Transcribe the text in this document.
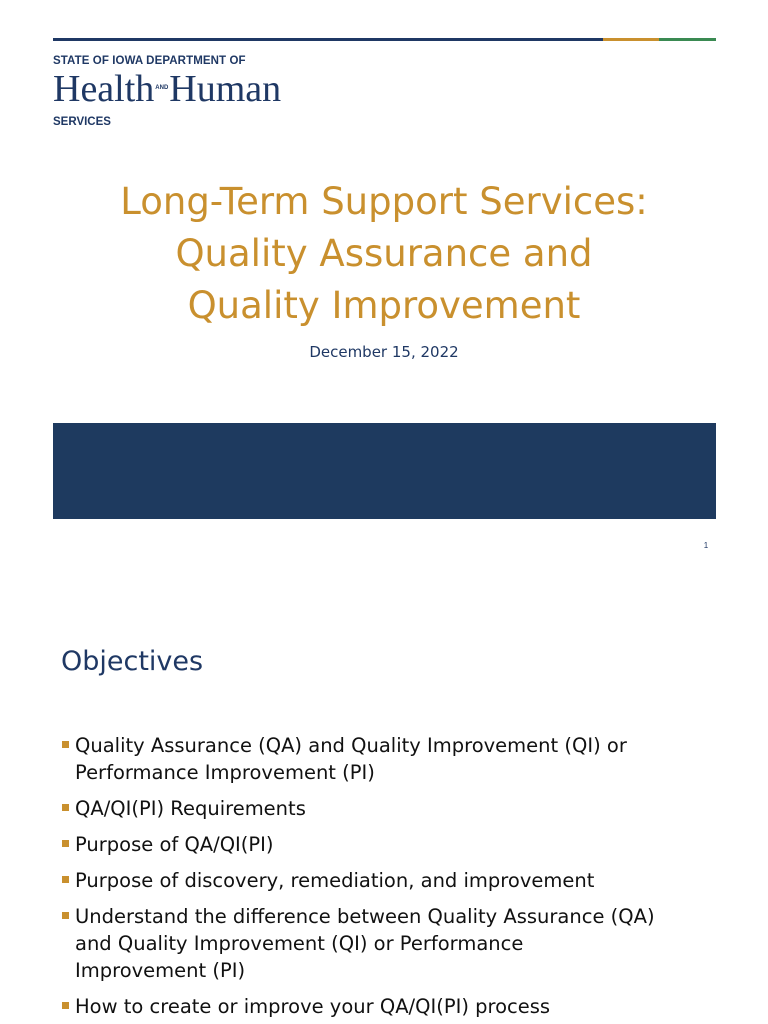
STATE OF IOWA DEPARTMENT OF
HealthANDHuman
SERVICES
Long-Term Support Services:
Quality Assurance and
Quality Improvement
December 15, 2022
1
Objectives
Quality Assurance (QA) and Quality Improvement (QI) or
Performance Improvement (PI)
QA/QI(PI) Requirements
Purpose of QA/QI(PI)
Purpose of discovery, remediation, and improvement
Understand the difference between Quality Assurance (QA)
and Quality Improvement (QI) or Performance
Improvement (PI)
How to create or improve your QA/QI(PI) process
